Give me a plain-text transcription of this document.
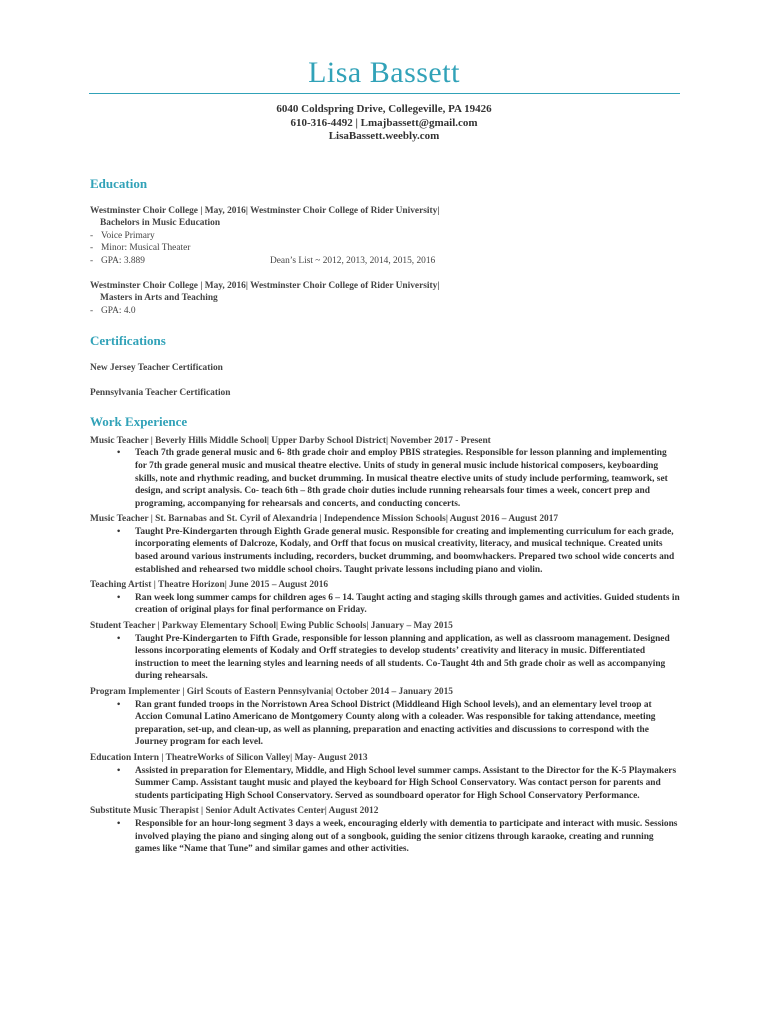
Lisa Bassett
6040 Coldspring Drive, Collegeville, PA 19426
610-316-4492 | Lmajbassett@gmail.com
LisaBassett.weebly.com
Education
Westminster Choir College | May, 2016| Westminster Choir College of Rider University|
Bachelors in Music Education
- Voice Primary
- Minor: Musical Theater
- GPA: 3.889	Dean’s List ~ 2012, 2013, 2014, 2015, 2016
Westminster Choir College | May, 2016| Westminster Choir College of Rider University|
Masters in Arts and Teaching
- GPA: 4.0
Certifications
New Jersey Teacher Certification
Pennsylvania Teacher Certification
Work Experience
Music Teacher | Beverly Hills Middle School| Upper Darby School District| November 2017 - Present
• Teach 7th grade general music and 6- 8th grade choir and employ PBIS strategies. Responsible for lesson planning and implementing for 7th grade general music and musical theatre elective. Units of study in general music include historical composers, keyboarding skills, note and rhythmic reading, and bucket drumming. In musical theatre elective units of study include performing, teamwork, set design, and script analysis. Co- teach 6th – 8th grade choir duties include running rehearsals four times a week, concert prep and programing, accompanying for rehearsals and concerts, and conducting concerts.
Music Teacher | St. Barnabas and St. Cyril of Alexandria | Independence Mission Schools| August 2016 – August 2017
• Taught Pre-Kindergarten through Eighth Grade general music. Responsible for creating and implementing curriculum for each grade, incorporating elements of Dalcroze, Kodaly, and Orff that focus on musical creativity, literacy, and musical technique. Created units based around various instruments including, recorders, bucket drumming, and boomwhackers. Prepared two school wide concerts and established and rehearsed two middle school choirs. Taught private lessons including piano and violin.
Teaching Artist | Theatre Horizon| June 2015 – August 2016
• Ran week long summer camps for children ages 6 – 14. Taught acting and staging skills through games and activities. Guided students in creation of original plays for final performance on Friday.
Student Teacher | Parkway Elementary School| Ewing Public Schools| January – May 2015
• Taught Pre-Kindergarten to Fifth Grade, responsible for lesson planning and application, as well as classroom management. Designed lessons incorporating elements of Kodaly and Orff strategies to develop students’ creativity and literacy in music. Differentiated instruction to meet the learning styles and learning needs of all students. Co-Taught 4th and 5th grade choir as well as accompanying during rehearsals.
Program Implementer | Girl Scouts of Eastern Pennsylvania| October 2014 – January 2015
• Ran grant funded troops in the Norristown Area School District (Middleand High School levels), and an elementary level troop at Accion Comunal Latino Americano de Montgomery County along with a coleader. Was responsible for taking attendance, meeting preparation, set-up, and clean-up, as well as planning, preparation and enacting activities and discussions to correspond with the Journey program for each level.
Education Intern | TheatreWorks of Silicon Valley| May- August 2013
• Assisted in preparation for Elementary, Middle, and High School level summer camps. Assistant to the Director for the K-5 Playmakers Summer Camp. Assistant taught music and played the keyboard for High School Conservatory. Was contact person for parents and students participating High School Conservatory. Served as soundboard operator for High School Conservatory Performance.
Substitute Music Therapist | Senior Adult Activates Center| August 2012
• Responsible for an hour-long segment 3 days a week, encouraging elderly with dementia to participate and interact with music. Sessions involved playing the piano and singing along out of a songbook, guiding the senior citizens through karaoke, creating and running games like “Name that Tune” and similar games and other activities.
